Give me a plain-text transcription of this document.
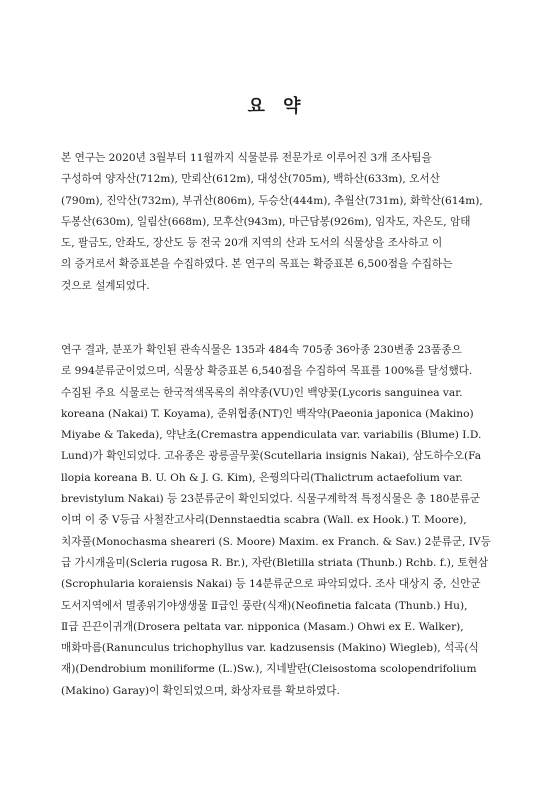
요 약
본 연구는 2020년 3월부터 11월까지 식물분류 전문가로 이루어진 3개 조사팀을
구성하여 양자산(712m), 만뢰산(612m), 대성산(705m), 백하산(633m), 오서산
(790m), 진악산(732m), 부귀산(806m), 두승산(444m), 추월산(731m), 화학산(614m),
두봉산(630m), 일림산(668m), 모후산(943m), 마근담봉(926m), 임자도, 자은도, 암태
도, 팔금도, 안좌도, 장산도 등 전국 20개 지역의 산과 도서의 식물상을 조사하고 이
의 증거로서 확증표본을 수집하였다. 본 연구의 목표는 확증표본 6,500점을 수집하는
것으로 설계되었다.
연구 결과, 분포가 확인된 관속식물은 135과 484속 705종 36아종 230변종 23품종으
로 994분류군이었으며, 식물상 확증표본 6,540점을 수집하여 목표를 100%를 달성했다.
수집된 주요 식물로는 한국적색목록의 취약종(VU)인 백양꽃(Lycoris sanguinea var.
koreana (Nakai) T. Koyama), 준위협종(NT)인 백작약(Paeonia japonica (Makino)
Miyabe & Takeda), 약난초(Cremastra appendiculata var. variabilis (Blume) I.D.
Lund)가 확인되었다. 고유종은 광릉골무꽃(Scutellaria insignis Nakai), 삼도하수오(Fa
llopia koreana B. U. Oh & J. G. Kim), 은꿩의다리(Thalictrum actaefolium var.
brevistylum Nakai) 등 23분류군이 확인되었다. 식물구계학적 특정식물은 총 180분류군
이며 이 중 V등급 사철잔고사리(Dennstaedtia scabra (Wall. ex Hook.) T. Moore),
치자풀(Monochasma sheareri (S. Moore) Maxim. ex Franch. & Sav.) 2분류군, IV등
급 가시개올미(Scleria rugosa R. Br.), 자란(Bletilla striata (Thunb.) Rchb. f.), 토현삼
(Scrophularia koraiensis Nakai) 등 14분류군으로 파악되었다. 조사 대상지 중, 신안군
도서지역에서 멸종위기야생생물 Ⅱ급인 풍란(식재)(Neofinetia falcata (Thunb.) Hu),
Ⅱ급 끈끈이귀개(Drosera peltata var. nipponica (Masam.) Ohwi ex E. Walker),
매화마름(Ranunculus trichophyllus var. kadzusensis (Makino) Wiegleb), 석곡(식
재)(Dendrobium moniliforme (L.)Sw.), 지네발란(Cleisostoma scolopendrifolium
(Makino) Garay)이 확인되었으며, 화상자료를 확보하였다.
